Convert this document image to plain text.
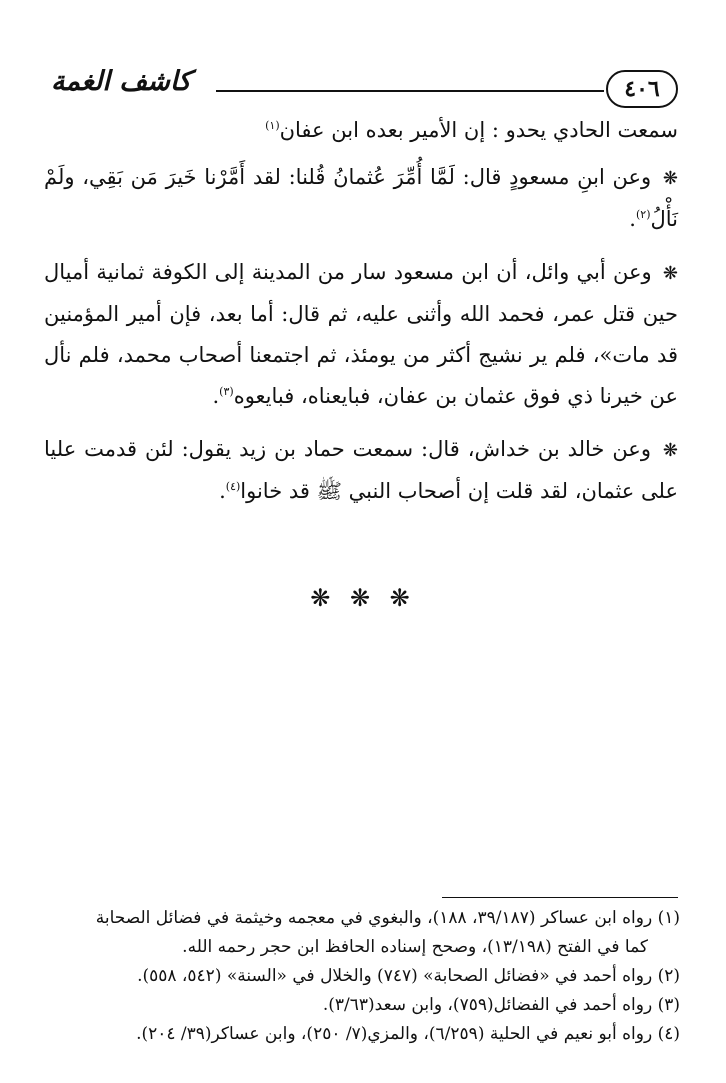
كاشف الغمة	٤٠٦

سمعت الحادي يحدو : إن الأمير بعده ابن عفان$^{(١)}$

❋ وعن ابنِ مسعودٍ قال: لَمَّا أُمِّرَ عُثمانُ قُلنا: لقد أَمَّرْنا خَيرَ مَن بَقِي، ولَمْ نَأْلُ$^{(٢)}$.

❋ وعن أبي وائل، أن ابن مسعود سار من المدينة إلى الكوفة ثمانية أميال حين قتل عمر، فحمد الله وأثنى عليه، ثم قال: أما بعد، فإن أمير المؤمنين قد مات»، فلم ير نشيج أكثر من يومئذ، ثم اجتمعنا أصحاب محمد، فلم نأل عن خيرنا ذي فوق عثمان بن عفان، فبايعناه، فبايعوه$^{(٣)}$.

❋ وعن خالد بن خداش، قال: سمعت حماد بن زيد يقول: لئن قدمت عليا على عثمان، لقد قلت إن أصحاب النبي ﷺ قد خانوا$^{(٤)}$.

❋ ❋ ❋

(١) رواه ابن عساكر (٣٩/١٨٧، ١٨٨)، والبغوي في معجمه وخيثمة في فضائل الصحابة

كما في الفتح (١٣/١٩٨)، وصحح إسناده الحافظ ابن حجر رحمه الله.

(٢) رواه أحمد في «فضائل الصحابة» (٧٤٧) والخلال في «السنة» (٥٤٢، ٥٥٨).

(٣) رواه أحمد في الفضائل(٧٥٩)، وابن سعد(٣/٦٣).

(٤) رواه أبو نعيم في الحلية (٦/٢٥٩)، والمزي(٧/ ٢٥٠)، وابن عساكر(٣٩/ ٢٠٤).
